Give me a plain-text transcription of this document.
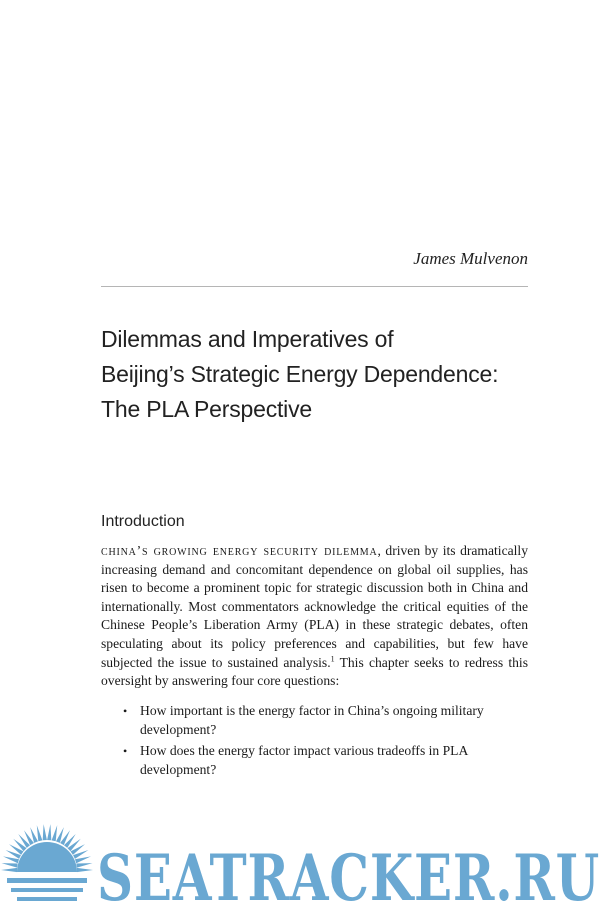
James Mulvenon
Dilemmas and Imperatives of
Beijing’s Strategic Energy Dependence:
The PLA Perspective
Introduction

china’s growing energy security dilemma, driven by its dramatically increasing demand and concomitant dependence on global oil supplies, has risen to become a prominent topic for strategic discussion both in China and internationally. Most commentators acknowledge the critical equities of the Chinese People’s Liberation Army (PLA) in these strategic debates, often speculating about its policy preferences and capabilities, but few have subjected the issue to sustained analysis.$^1$ This chapter seeks to redress this oversight by answering four core questions:

• How important is the energy factor in China’s ongoing military development?
• How does the energy factor impact various tradeoffs in PLA development?
SEATRACKER.RU
